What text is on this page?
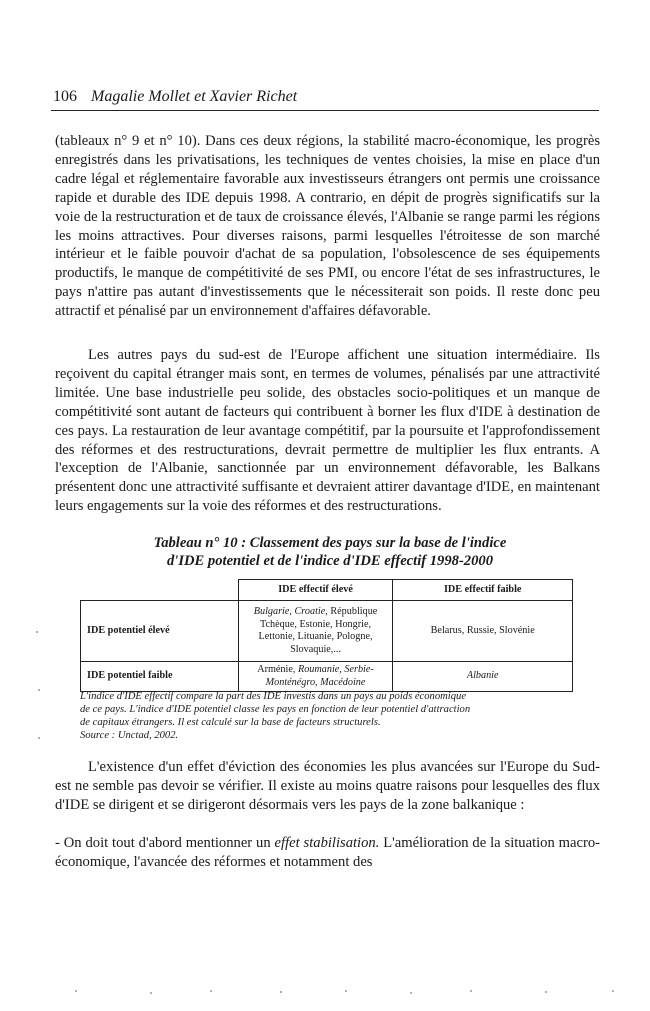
106 Magalie Mollet et Xavier Richet

(tableaux n° 9 et n° 10). Dans ces deux régions, la stabilité macro-économique, les progrès enregistrés dans les privatisations, les techniques de ventes choisies, la mise en place d'un cadre légal et réglementaire favorable aux investisseurs étrangers ont permis une croissance rapide et durable des IDE depuis 1998. A contrario, en dépit de progrès significatifs sur la voie de la restructuration et de taux de croissance élevés, l'Albanie se range parmi les régions les moins attractives. Pour diverses raisons, parmi lesquelles l'étroitesse de son marché intérieur et le faible pouvoir d'achat de sa population, l'obsolescence de ses équipements productifs, le manque de compétitivité de ses PMI, ou encore l'état de ses infrastructures, le pays n'attire pas autant d'investissements que le nécessiterait son poids. Il reste donc peu attractif et pénalisé par un environnement d'affaires défavorable.

Les autres pays du sud-est de l'Europe affichent une situation intermédiaire. Ils reçoivent du capital étranger mais sont, en termes de volumes, pénalisés par une attractivité limitée. Une base industrielle peu solide, des obstacles socio-politiques et un manque de compétitivité sont autant de facteurs qui contribuent à borner les flux d'IDE à destination de ces pays. La restauration de leur avantage compétitif, par la poursuite et l'approfondissement des réformes et des restructurations, devrait permettre de multiplier les flux entrants. A l'exception de l'Albanie, sanctionnée par un environnement défavorable, les Balkans présentent donc une attractivité suffisante et devraient attirer davantage d'IDE, en maintenant leurs engagements sur la voie des réformes et des restructurations.

Tableau n° 10 : Classement des pays sur la base de l'indice
d'IDE potentiel et de l'indice d'IDE effectif 1998-2000
	IDE effectif élevé	IDE effectif faible
IDE potentiel élevé	Bulgarie, Croatie, République Tchèque, Estonie, Hongrie, Lettonie, Lituanie, Pologne, Slovaquie,...	Belarus, Russie, Slovénie
IDE potentiel faible	Arménie, Roumanie, Serbie-Monténégro, Macédoine	Albanie
L'indice d'IDE effectif compare la part des IDE investis dans un pays au poids économique
de ce pays. L'indice d'IDE potentiel classe les pays en fonction de leur potentiel d'attraction
de capitaux étrangers. Il est calculé sur la base de facteurs structurels.
Source : Unctad, 2002.

L'existence d'un effet d'éviction des économies les plus avancées sur l'Europe du Sud-est ne semble pas devoir se vérifier. Il existe au moins quatre raisons pour lesquelles des flux d'IDE se dirigent et se dirigeront désormais vers les pays de la zone balkanique :

- On doit tout d'abord mentionner un effet stabilisation. L'amélioration de la situation macro-économique, l'avancée des réformes et notamment des
